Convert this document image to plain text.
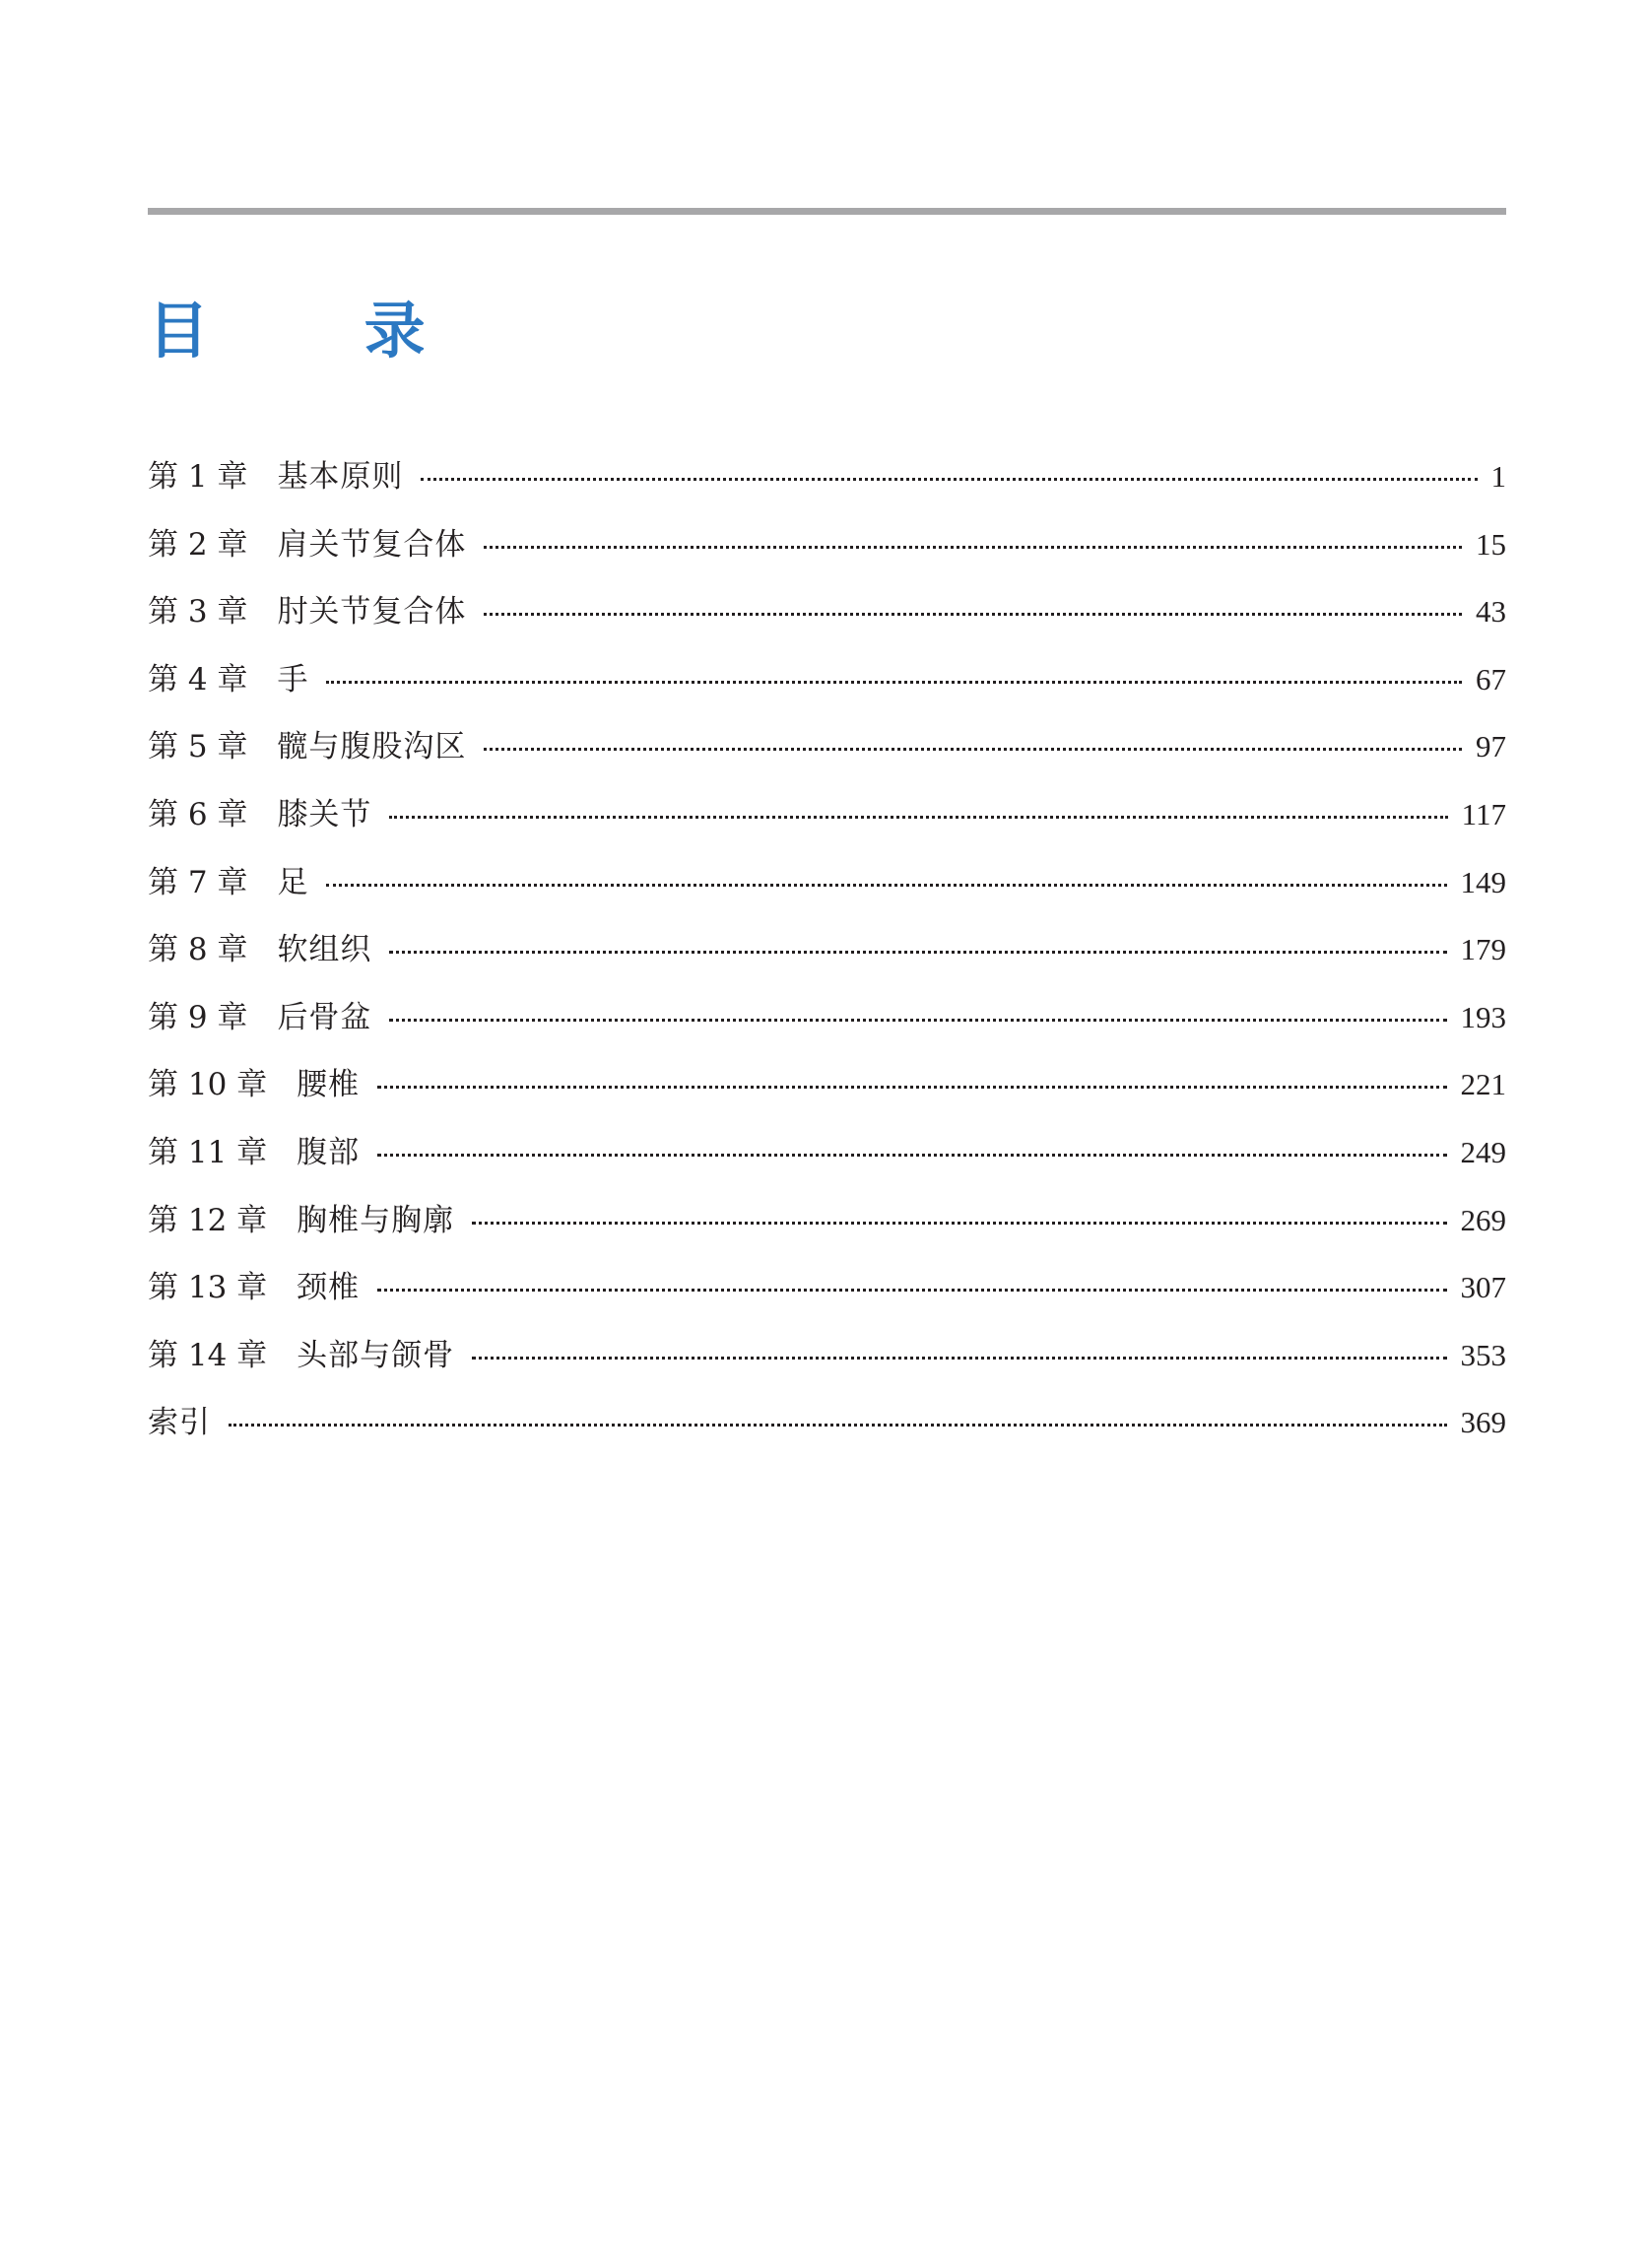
目 录
第 1 章 基本原则	1
第 2 章 肩关节复合体	15
第 3 章 肘关节复合体	43
第 4 章 手	67
第 5 章 髋与腹股沟区	97
第 6 章 膝关节	117
第 7 章 足	149
第 8 章 软组织	179
第 9 章 后骨盆	193
第 10 章 腰椎	221
第 11 章 腹部	249
第 12 章 胸椎与胸廓	269
第 13 章 颈椎	307
第 14 章 头部与颌骨	353
索引	369
